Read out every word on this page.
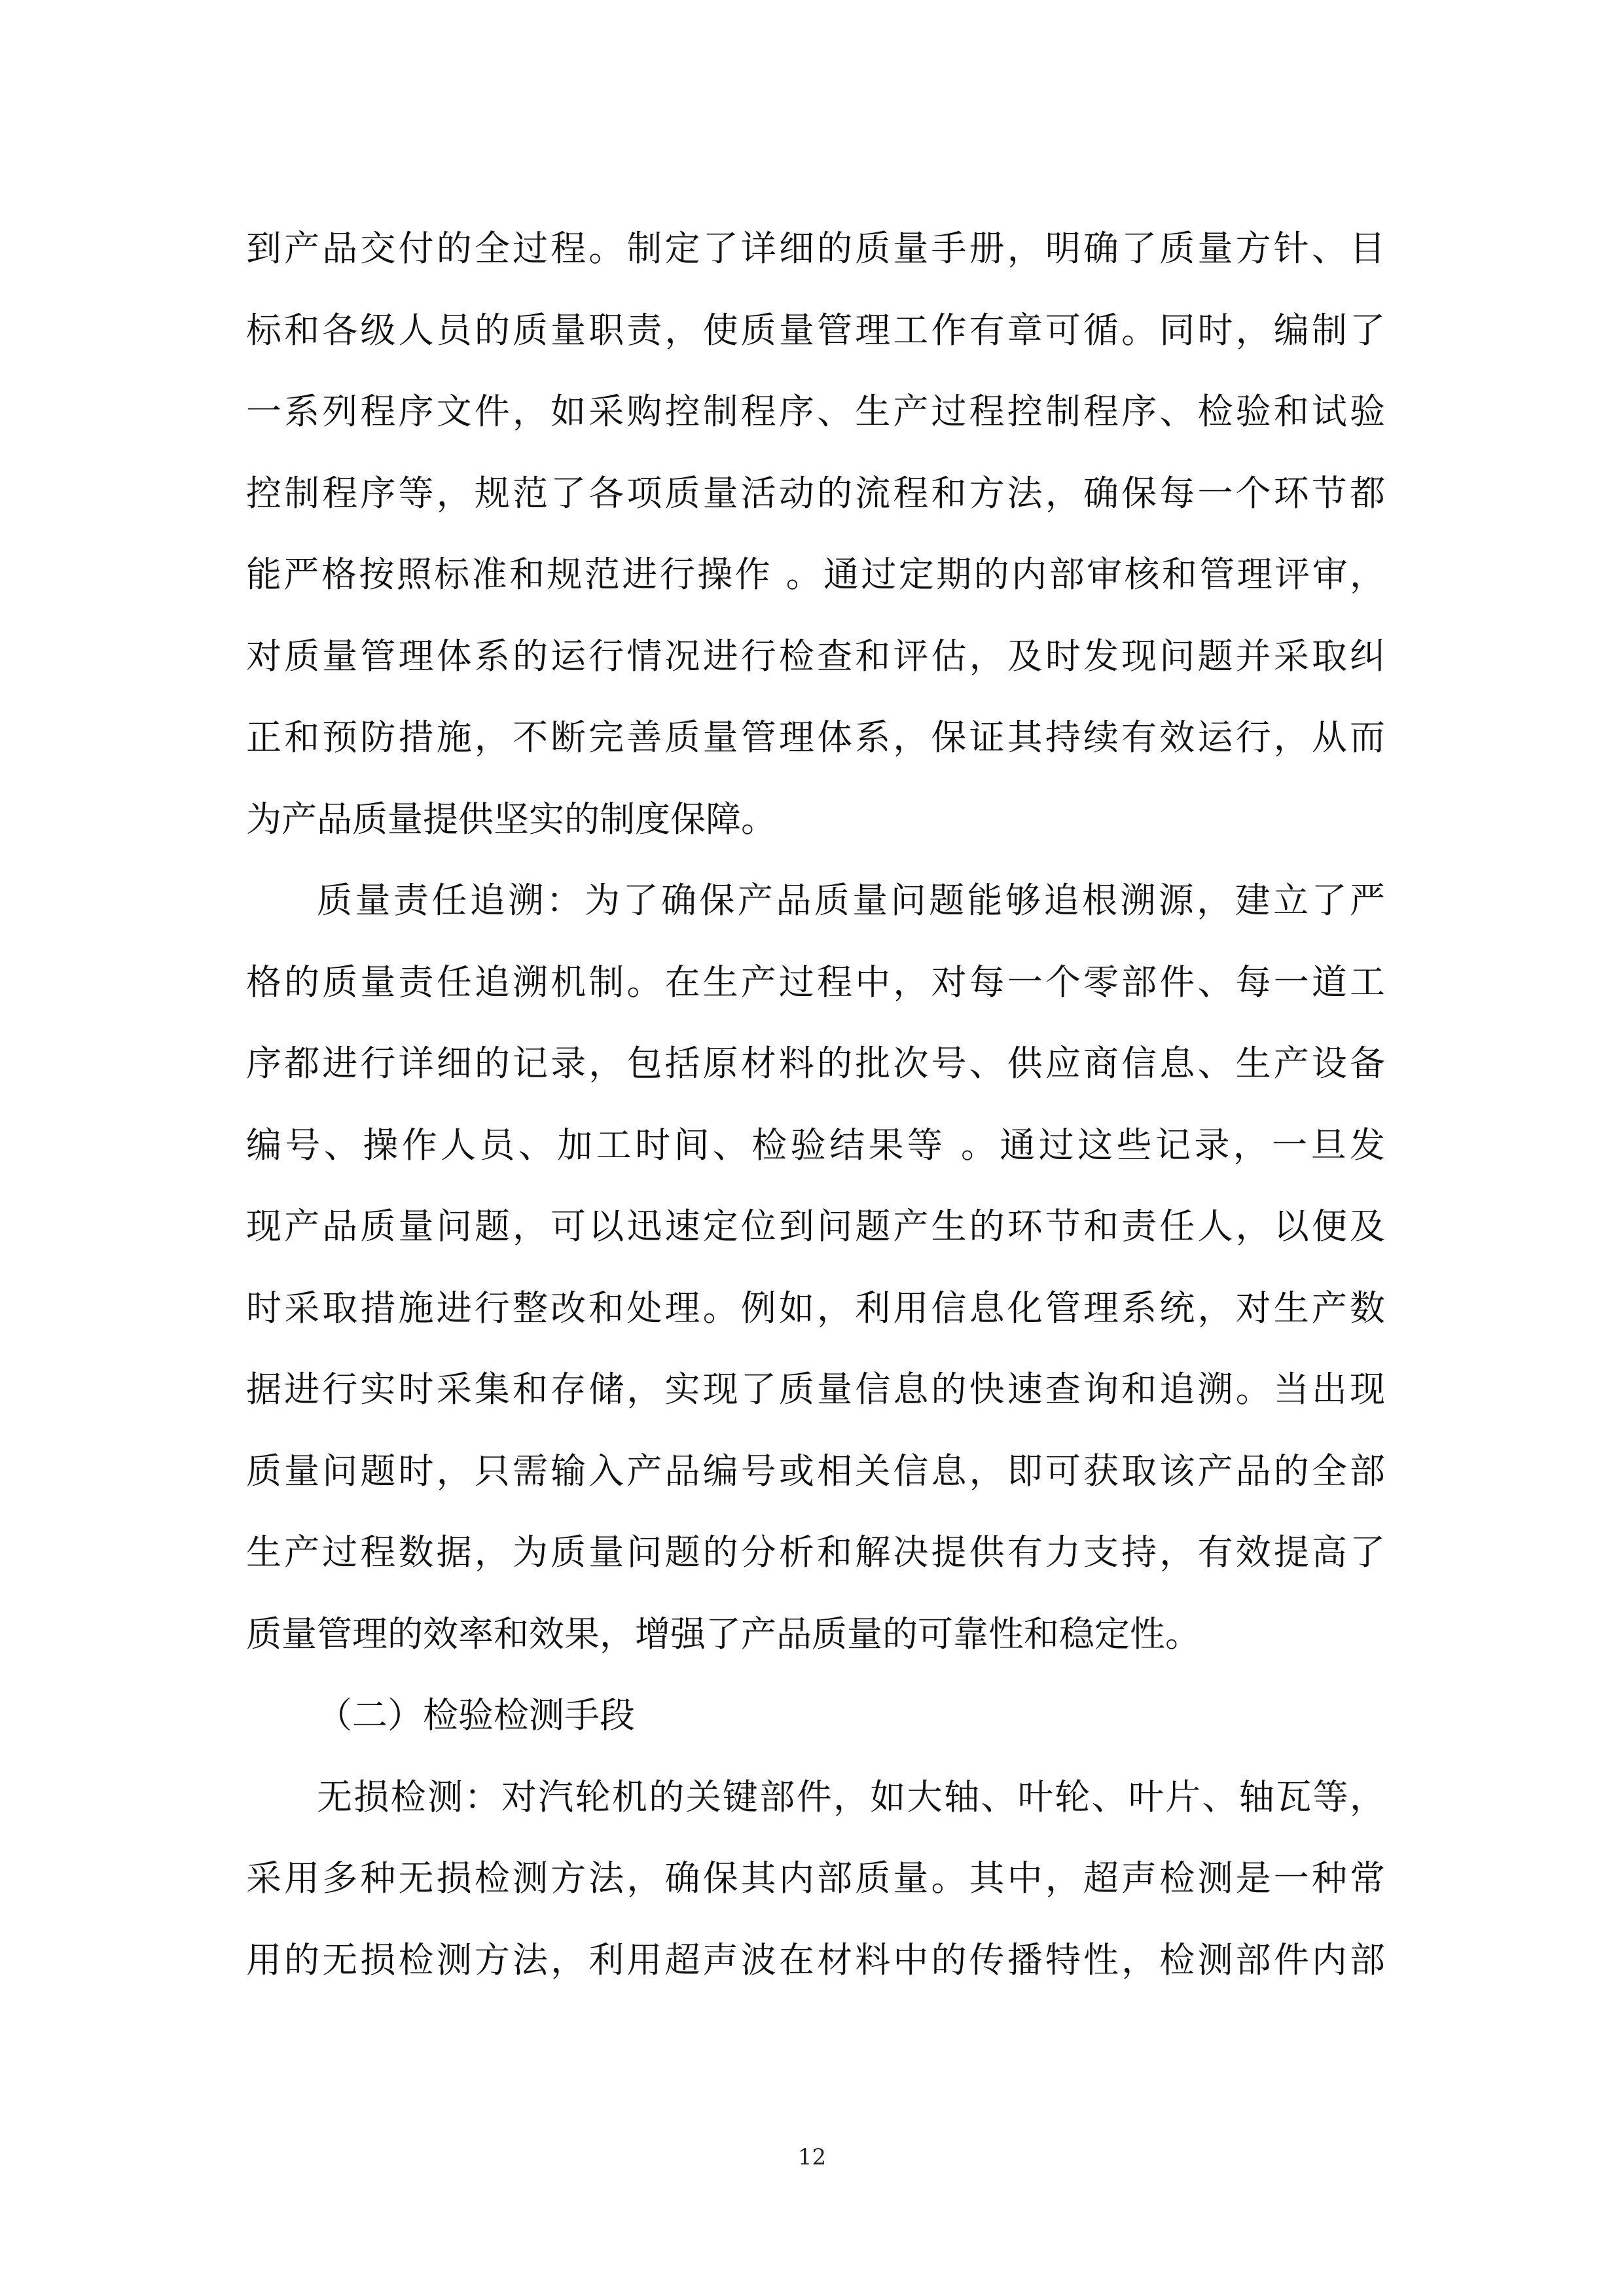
到产品交付的全过程。制定了详细的质量手册，明确了质量方针、目
标和各级人员的质量职责，使质量管理工作有章可循。同时，编制了
一系列程序文件，如采购控制程序、生产过程控制程序、检验和试验
控制程序等，规范了各项质量活动的流程和方法，确保每一个环节都
能严格按照标准和规范进行操作 。通过定期的内部审核和管理评审，
对质量管理体系的运行情况进行检查和评估，及时发现问题并采取纠
正和预防措施，不断完善质量管理体系，保证其持续有效运行，从而
为产品质量提供坚实的制度保障。
质量责任追溯：为了确保产品质量问题能够追根溯源，建立了严
格的质量责任追溯机制。在生产过程中，对每一个零部件、每一道工
序都进行详细的记录，包括原材料的批次号、供应商信息、生产设备
编号、操作人员、加工时间、检验结果等 。通过这些记录，一旦发
现产品质量问题，可以迅速定位到问题产生的环节和责任人，以便及
时采取措施进行整改和处理。例如，利用信息化管理系统，对生产数
据进行实时采集和存储，实现了质量信息的快速查询和追溯。当出现
质量问题时，只需输入产品编号或相关信息，即可获取该产品的全部
生产过程数据，为质量问题的分析和解决提供有力支持，有效提高了
质量管理的效率和效果，增强了产品质量的可靠性和稳定性。
（二）检验检测手段
无损检测：对汽轮机的关键部件，如大轴、叶轮、叶片、轴瓦等，
采用多种无损检测方法，确保其内部质量。其中，超声检测是一种常
用的无损检测方法，利用超声波在材料中的传播特性，检测部件内部
12
